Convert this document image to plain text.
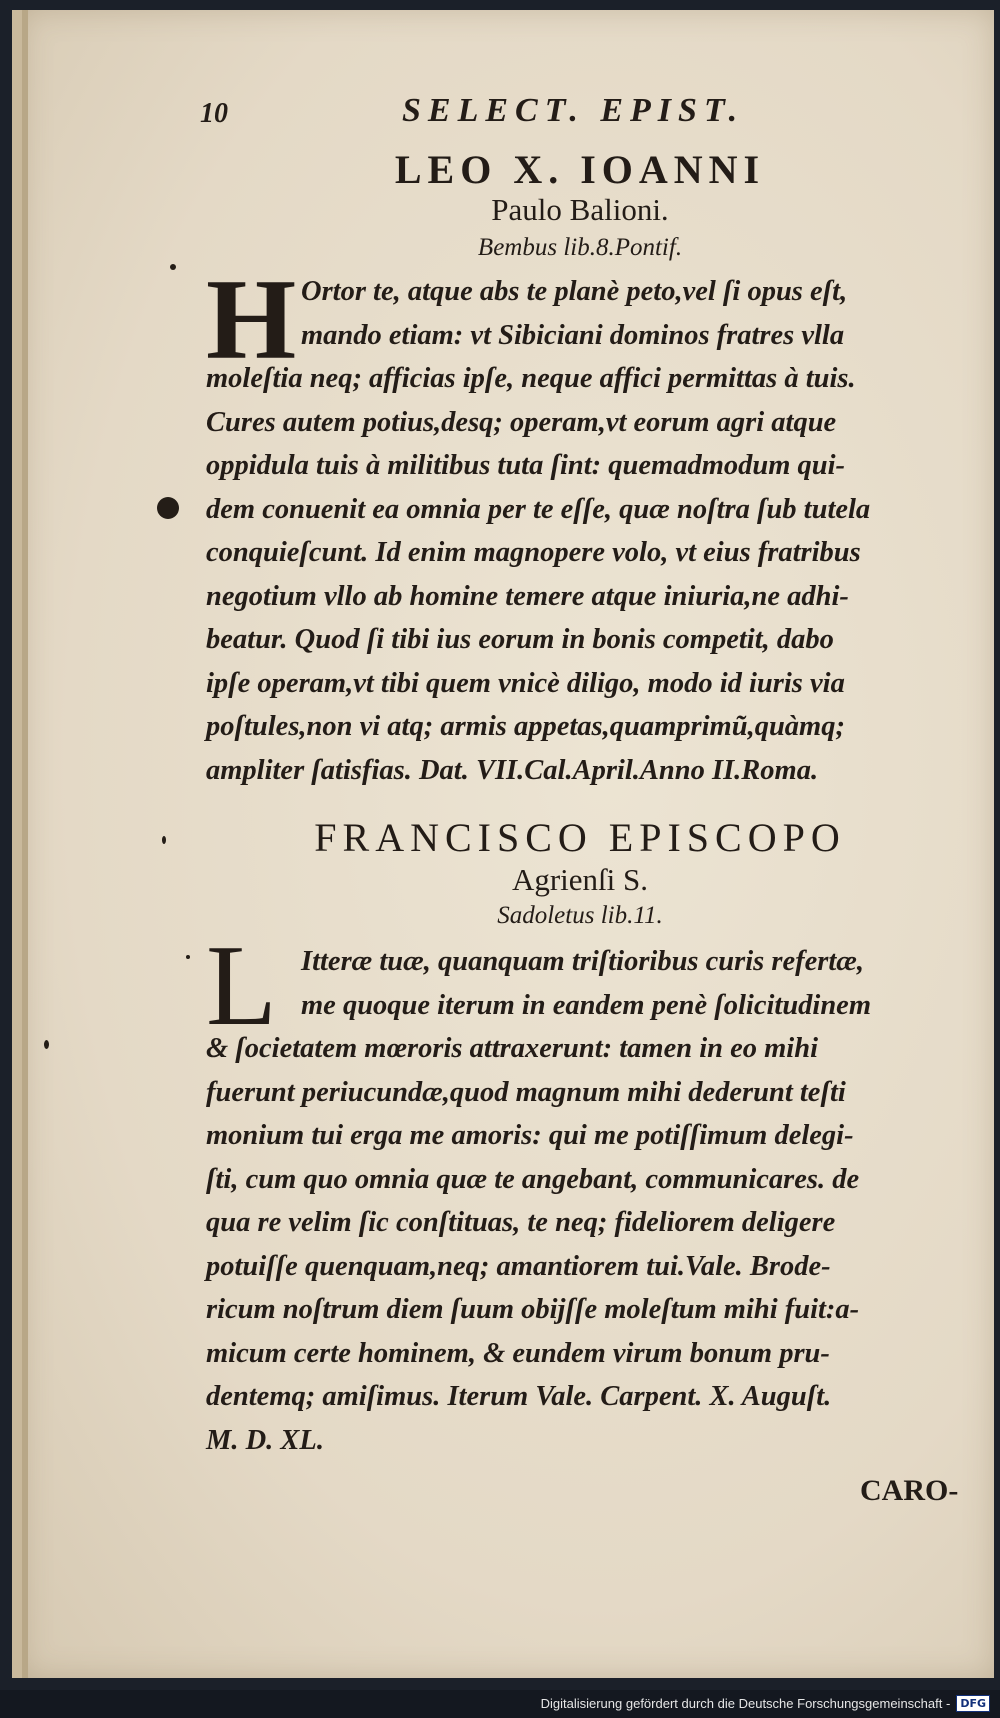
10	SELECT. EPIST.
LEO X. IOANNI
Paulo Balioni.
Bembus lib.8.Pontif.
H Ortor te, atque abs te planè peto,vel ſi opus eſt,
mando etiam: vt Sibiciani dominos fratres vlla
moleſtia neq; afficias ipſe, neque affici permittas à tuis.
Cures autem potius,desq; operam,vt eorum agri atque
oppidula tuis à militibus tuta ſint: quemadmodum qui-
dem conuenit ea omnia per te eſſe, quæ noſtra ſub tutela
conquieſcunt. Id enim magnopere volo, vt eius fratribus
negotium vllo ab homine temere atque iniuria,ne adhi-
beatur. Quod ſi tibi ius eorum in bonis competit, dabo
ipſe operam,vt tibi quem vnicè diligo, modo id iuris via
poſtules,non vi atq; armis appetas,quamprimũ,quàmq;
ampliter ſatisfias. Dat. VII.Cal.April.Anno II.Roma.
FRANCISCO EPISCOPO
Agrienſi S.
Sadoletus lib.11.
L Itteræ tuæ, quanquam triſtioribus curis refertæ,
me quoque iterum in eandem penè ſolicitudinem
& ſocietatem mœroris attraxerunt: tamen in eo mihi
fuerunt periucundæ,quod magnum mihi dederunt teſti
monium tui erga me amoris: qui me potiſſimum delegi-
ſti, cum quo omnia quæ te angebant, communicares. de
qua re velim ſic conſtituas, te neq; fideliorem deligere
potuiſſe quenquam,neq; amantiorem tui.Vale. Brode-
ricum noſtrum diem ſuum obijſſe moleſtum mihi fuit:a-
micum certe hominem, & eundem virum bonum pru-
dentemq; amiſimus. Iterum Vale. Carpent. X. Auguſt.
M. D. XL.
CARO-
Digitalisierung gefördert durch die Deutsche Forschungsgemeinschaft - DFG
